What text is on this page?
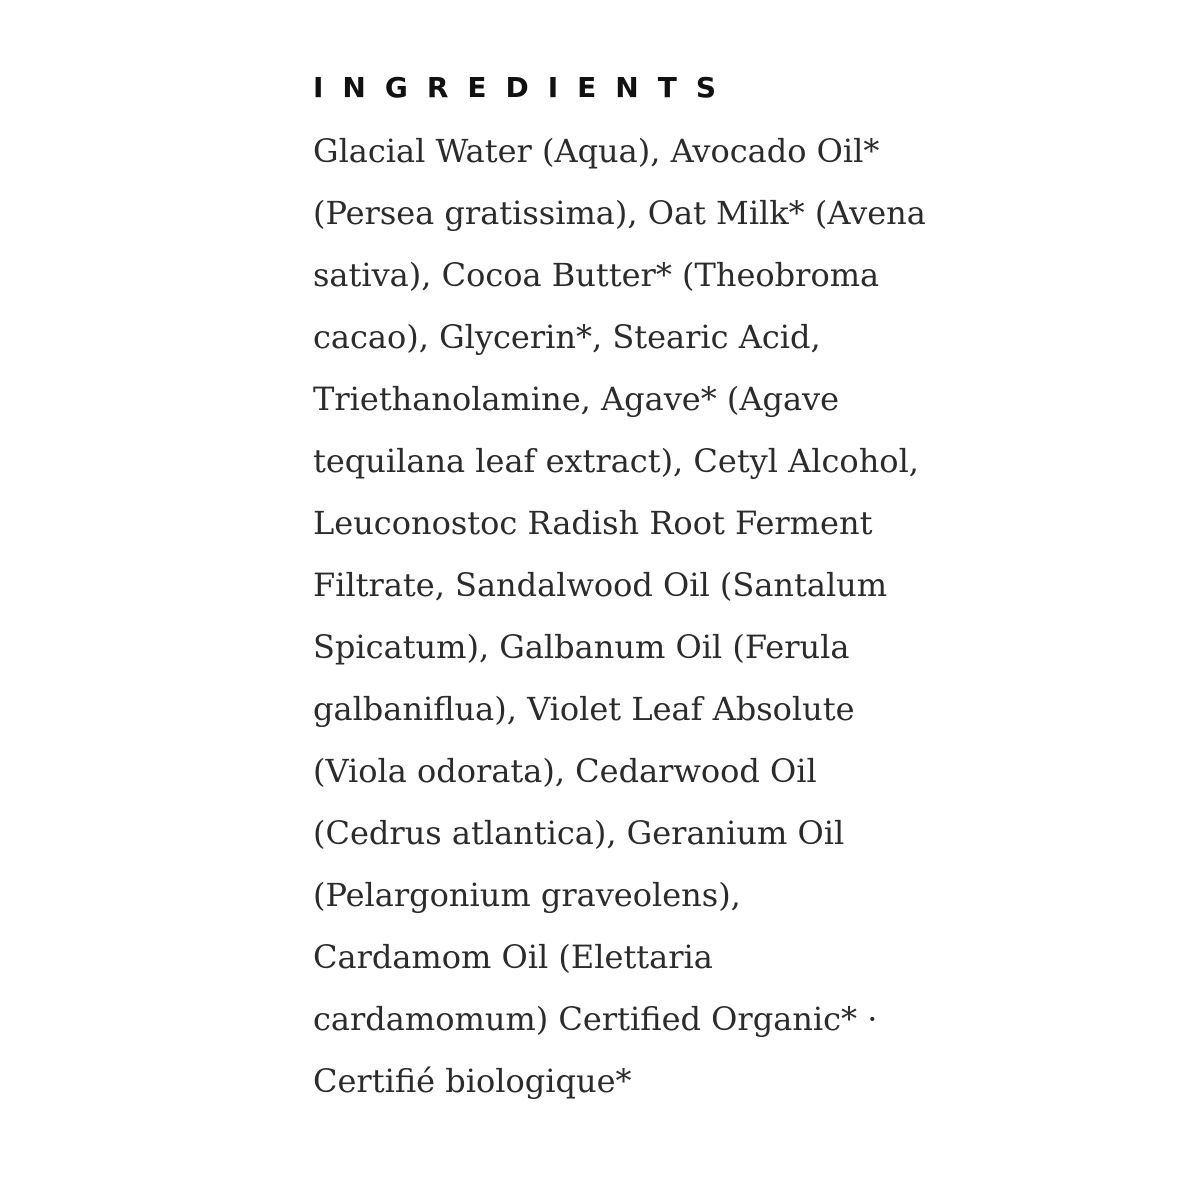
INGREDIENTS
Glacial Water (Aqua), Avocado Oil*
(Persea gratissima), Oat Milk* (Avena
sativa), Cocoa Butter* (Theobroma
cacao), Glycerin*, Stearic Acid,
Triethanolamine, Agave* (Agave
tequilana leaf extract), Cetyl Alcohol,
Leuconostoc Radish Root Ferment
Filtrate, Sandalwood Oil (Santalum
Spicatum), Galbanum Oil (Ferula
galbaniflua), Violet Leaf Absolute
(Viola odorata), Cedarwood Oil
(Cedrus atlantica), Geranium Oil
(Pelargonium graveolens),
Cardamom Oil (Elettaria
cardamomum) Certified Organic* ·
Certifié biologique*
